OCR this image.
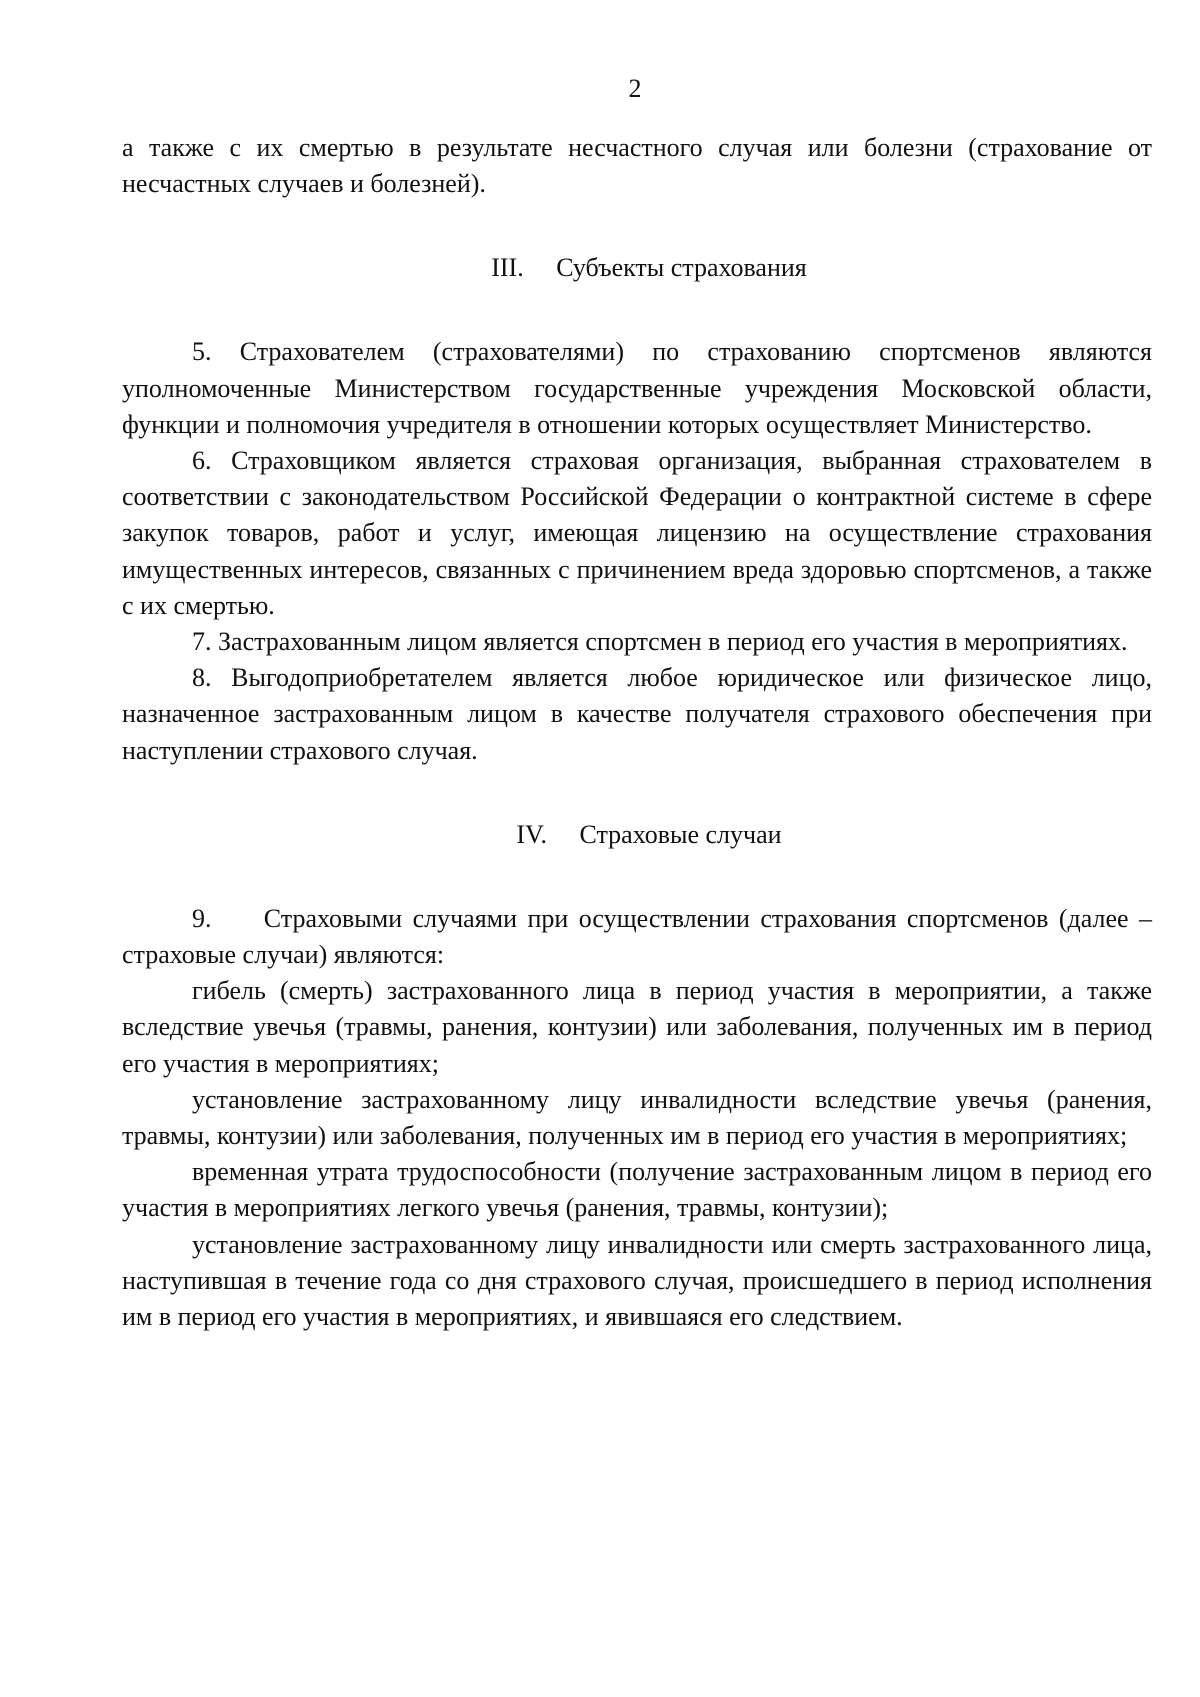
2

а также с их смертью в результате несчастного случая или болезни (страхование от несчастных случаев и болезней).

III.     Субъекты страхования

5. Страхователем (страхователями) по страхованию спортсменов являются уполномоченные Министерством государственные учреждения Московской области, функции и полномочия учредителя в отношении которых осуществляет Министерство.

6. Страховщиком является страховая организация, выбранная страхователем в соответствии с законодательством Российской Федерации о контрактной системе в сфере закупок товаров, работ и услуг, имеющая лицензию на осуществление страхования имущественных интересов, связанных с причинением вреда здоровью спортсменов, а также с их смертью.

7. Застрахованным лицом является спортсмен в период его участия в мероприятиях.

8. Выгодоприобретателем является любое юридическое или физическое лицо, назначенное застрахованным лицом в качестве получателя страхового обеспечения при наступлении страхового случая.

IV.     Страховые случаи

9.     Страховыми случаями при осуществлении страхования спортсменов (далее – страховые случаи) являются:

гибель (смерть) застрахованного лица в период участия в мероприятии, а также вследствие увечья (травмы, ранения, контузии) или заболевания, полученных им в период его участия в мероприятиях;

установление застрахованному лицу инвалидности вследствие увечья (ранения, травмы, контузии) или заболевания, полученных им в период его участия в мероприятиях;

временная утрата трудоспособности (получение застрахованным лицом в период его участия в мероприятиях легкого увечья (ранения, травмы, контузии);

установление застрахованному лицу инвалидности или смерть застрахованного лица, наступившая в течение года со дня страхового случая, происшедшего в период исполнения им в период его участия в мероприятиях, и явившаяся его следствием.
